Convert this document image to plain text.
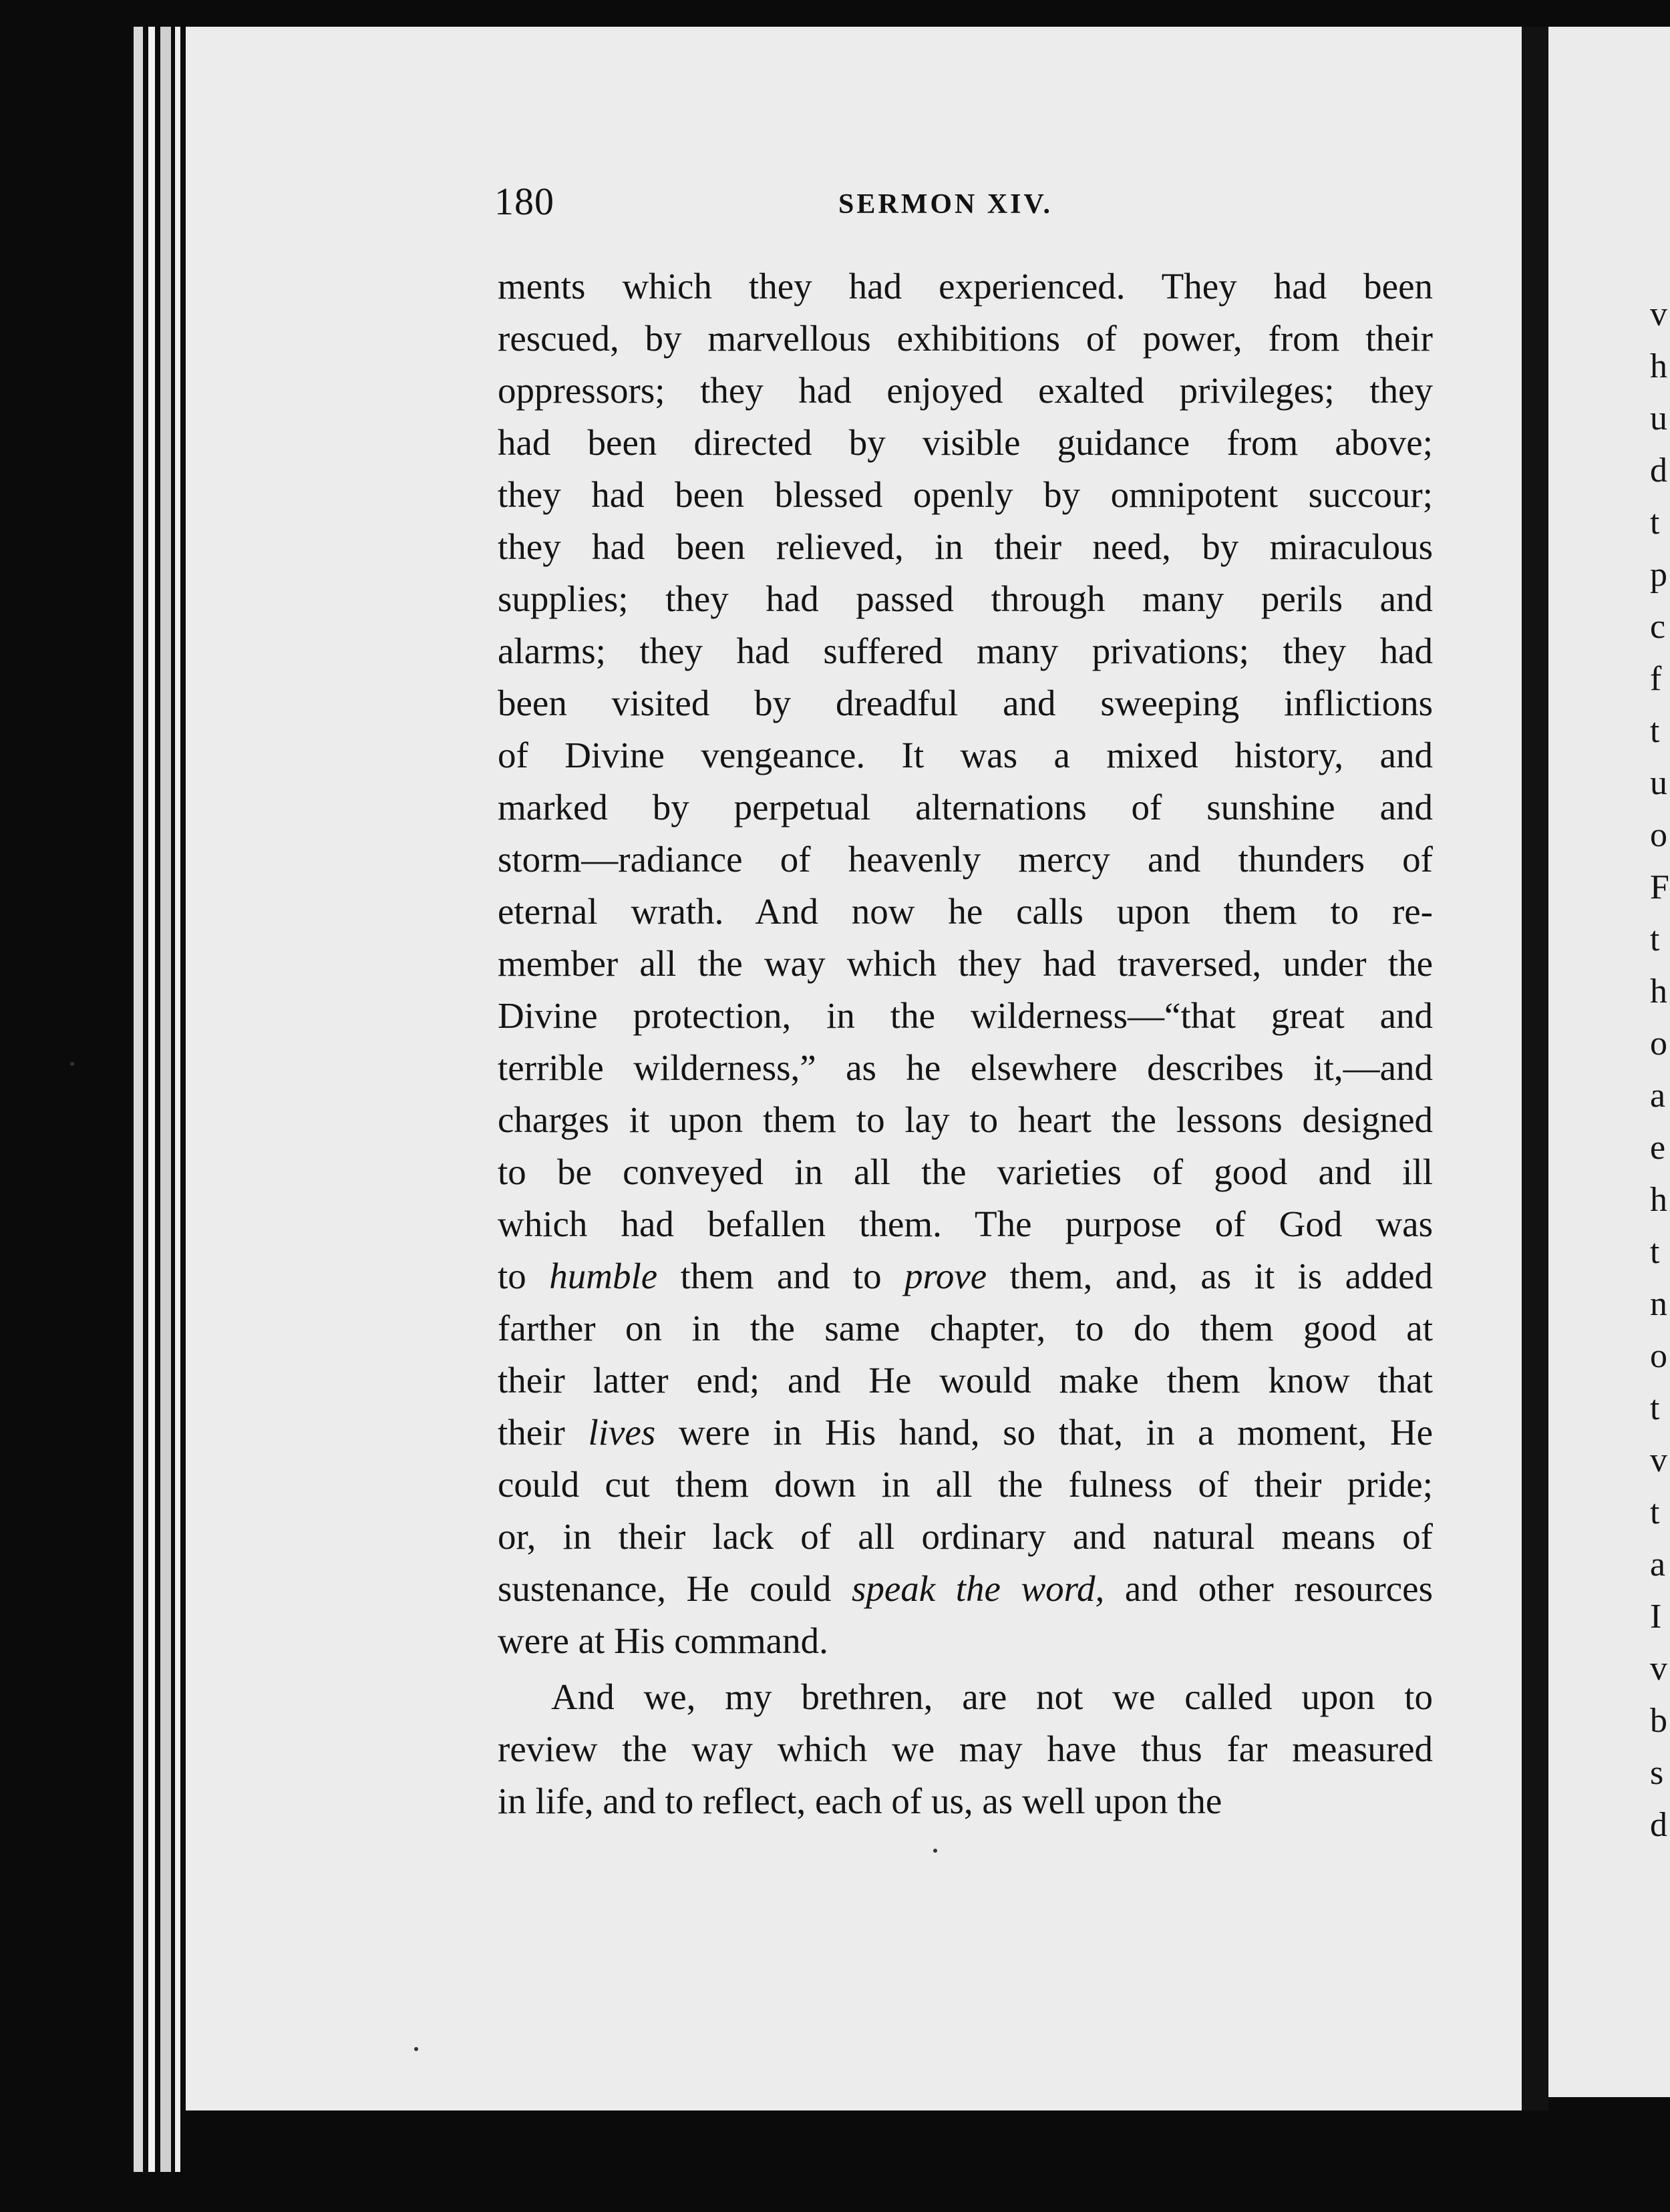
v
h
u
d
t
p
c
f
t
u
o
F
t
h
o
a
e
h
t
n
o
t
v
t
a
I
v
b
s
d
180	SERMON XIV.
ments which they had experienced. They had been
rescued, by marvellous exhibitions of power, from their
oppressors; they had enjoyed exalted privileges; they
had been directed by visible guidance from above;
they had been blessed openly by omnipotent succour;
they had been relieved, in their need, by miraculous
supplies; they had passed through many perils and
alarms; they had suffered many privations; they had
been visited by dreadful and sweeping inflictions
of Divine vengeance. It was a mixed history, and
marked by perpetual alternations of sunshine and
storm—radiance of heavenly mercy and thunders of
eternal wrath. And now he calls upon them to re-
member all the way which they had traversed, under the
Divine protection, in the wilderness—“that great and
terrible wilderness,” as he elsewhere describes it,—and
charges it upon them to lay to heart the lessons designed
to be conveyed in all the varieties of good and ill
which had befallen them. The purpose of God was
to humble them and to prove them, and, as it is added
farther on in the same chapter, to do them good at
their latter end; and He would make them know that
their lives were in His hand, so that, in a moment, He
could cut them down in all the fulness of their pride;
or, in their lack of all ordinary and natural means of
sustenance, He could speak the word, and other resources
were at His command.
And we, my brethren, are not we called upon to
review the way which we may have thus far measured
in life, and to reflect, each of us, as well upon the
